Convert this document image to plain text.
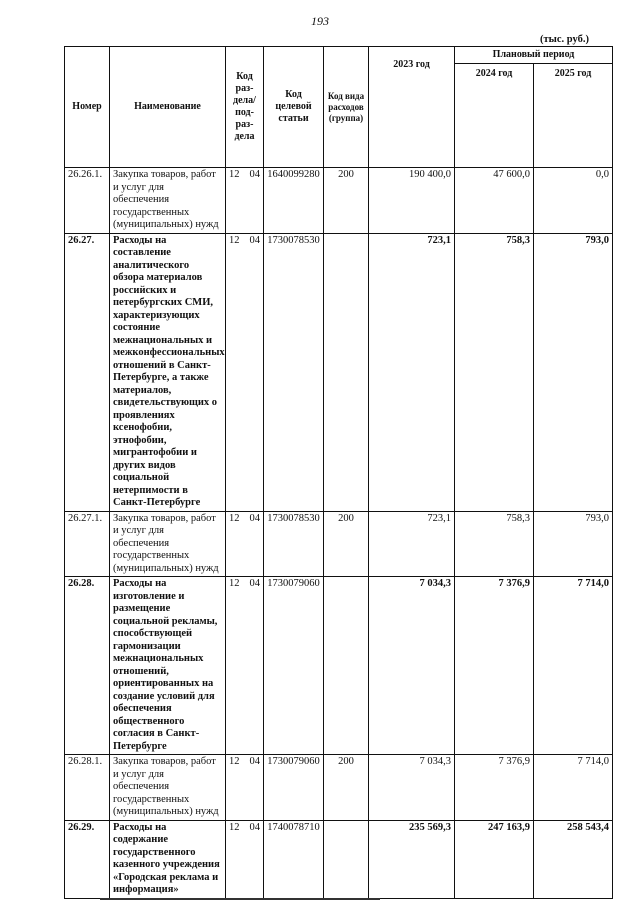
193
(тыс. руб.)
Номер	Наименование	Код раз-дела/ под-раз-дела	Код целевой статьи	Код вида расходов (группа)	2023 год	Плановый период	
						2024 год	2025 год
26.26.1.	Закупка товаров, работ и услуг для обеспечения государственных (муниципальных) нужд	12 04	1640099280	200	190 400,0	47 600,0	0,0
26.27.	Расходы на составление аналитического обзора материалов российских и петербургских СМИ, характеризующих состояние межнациональных и межконфессиональных отношений в Санкт-Петербурге, а также материалов, свидетельствующих о проявлениях ксенофобии, этнофобии, мигрантофобии и других видов социальной нетерпимости в Санкт-Петербурге	12 04	1730078530		723,1	758,3	793,0
26.27.1.	Закупка товаров, работ и услуг для обеспечения государственных (муниципальных) нужд	12 04	1730078530	200	723,1	758,3	793,0
26.28.	Расходы на изготовление и размещение социальной рекламы, способствующей гармонизации межнациональных отношений, ориентированных на создание условий для обеспечения общественного согласия в Санкт-Петербурге	12 04	1730079060		7 034,3	7 376,9	7 714,0
26.28.1.	Закупка товаров, работ и услуг для обеспечения государственных (муниципальных) нужд	12 04	1730079060	200	7 034,3	7 376,9	7 714,0
26.29.	Расходы на содержание государственного казенного учреждения «Городская реклама и информация»	12 04	1740078710		235 569,3	247 163,9	258 543,4
